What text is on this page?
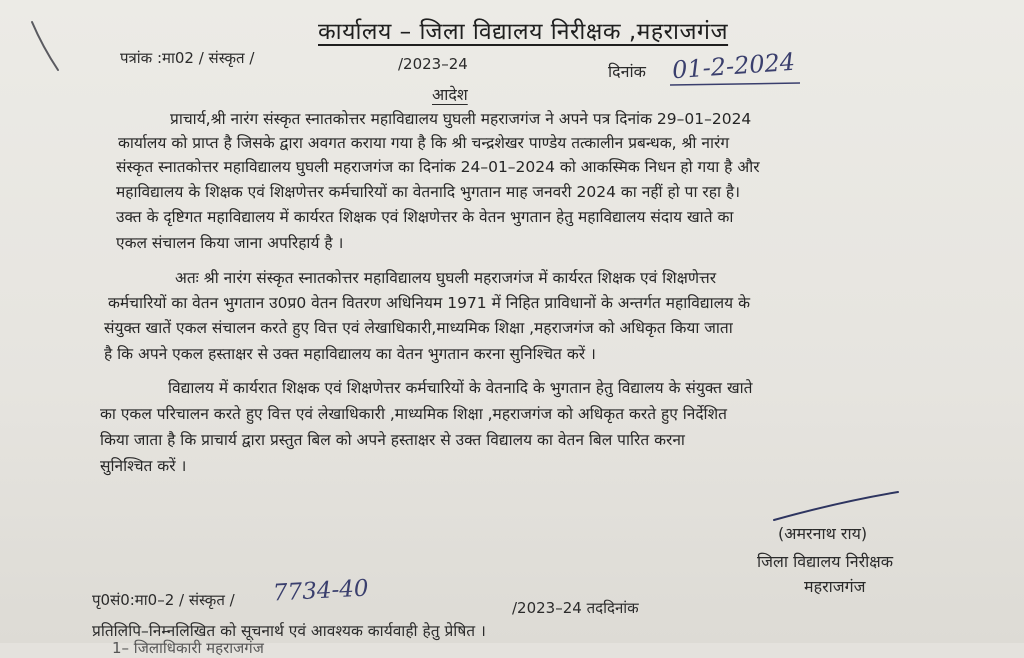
कार्यालय – जिला विद्यालय निरीक्षक ,महराजगंज
पत्रांक :मा02 / संस्कृत /	/2023–24	दिनांक 01-2-2024
आदेश
प्राचार्य,श्री नारंग संस्कृत स्नातकोत्तर महाविद्यालय घुघली महराजगंज ने अपने पत्र दिनांक 29–01–2024
कार्यालय को प्राप्त है जिसके द्वारा अवगत कराया गया है कि श्री चन्द्रशेखर पाण्डेय तत्कालीन प्रबन्धक, श्री नारंग
संस्कृत स्नातकोत्तर महाविद्यालय घुघली महराजगंज का दिनांक 24–01–2024 को आकस्मिक निधन हो गया है और
महाविद्यालय के शिक्षक एवं शिक्षणेत्तर कर्मचारियों का वेतनादि भुगतान माह जनवरी 2024 का नहीं हो पा रहा है।
उक्त के दृष्टिगत महाविद्यालय में कार्यरत शिक्षक एवं शिक्षणेत्तर के वेतन भुगतान हेतु महाविद्यालय संदाय खाते का
एकल संचालन किया जाना अपरिहार्य है ।
अतः श्री नारंग संस्कृत स्नातकोत्तर महाविद्यालय घुघली महराजगंज में कार्यरत शिक्षक एवं शिक्षणेत्तर
कर्मचारियों का वेतन भुगतान उ0प्र0 वेतन वितरण अधिनियम 1971 में निहित प्राविधानों के अन्तर्गत महाविद्यालय के
संयुक्त खातें एकल संचालन करते हुए वित्त एवं लेखाधिकारी,माध्यमिक शिक्षा ,महराजगंज को अधिकृत किया जाता
है कि अपने एकल हस्ताक्षर से उक्त महाविद्यालय का वेतन भुगतान करना सुनिश्चित करें ।
विद्यालय में कार्यरात शिक्षक एवं शिक्षणेत्तर कर्मचारियों के वेतनादि के भुगतान हेतु विद्यालय के संयुक्त खाते
का एकल परिचालन करते हुए वित्त एवं लेखाधिकारी ,माध्यमिक शिक्षा ,महराजगंज को अधिकृत करते हुए निर्देशित
किया जाता है कि प्राचार्य द्वारा प्रस्तुत बिल को अपने हस्ताक्षर से उक्त विद्यालय का वेतन बिल पारित करना
सुनिश्चित करें ।
(अमरनाथ राय)
जिला विद्यालय निरीक्षक
महराजगंज
पृ0सं0:मा0–2 / संस्कृत / 7734-40
/2023–24 तददिनांक
प्रतिलिपि–निम्नलिखित को सूचनार्थ एवं आवश्यक कार्यवाही हेतु प्रेषित ।
1– जिलाधिकारी महराजगंज
